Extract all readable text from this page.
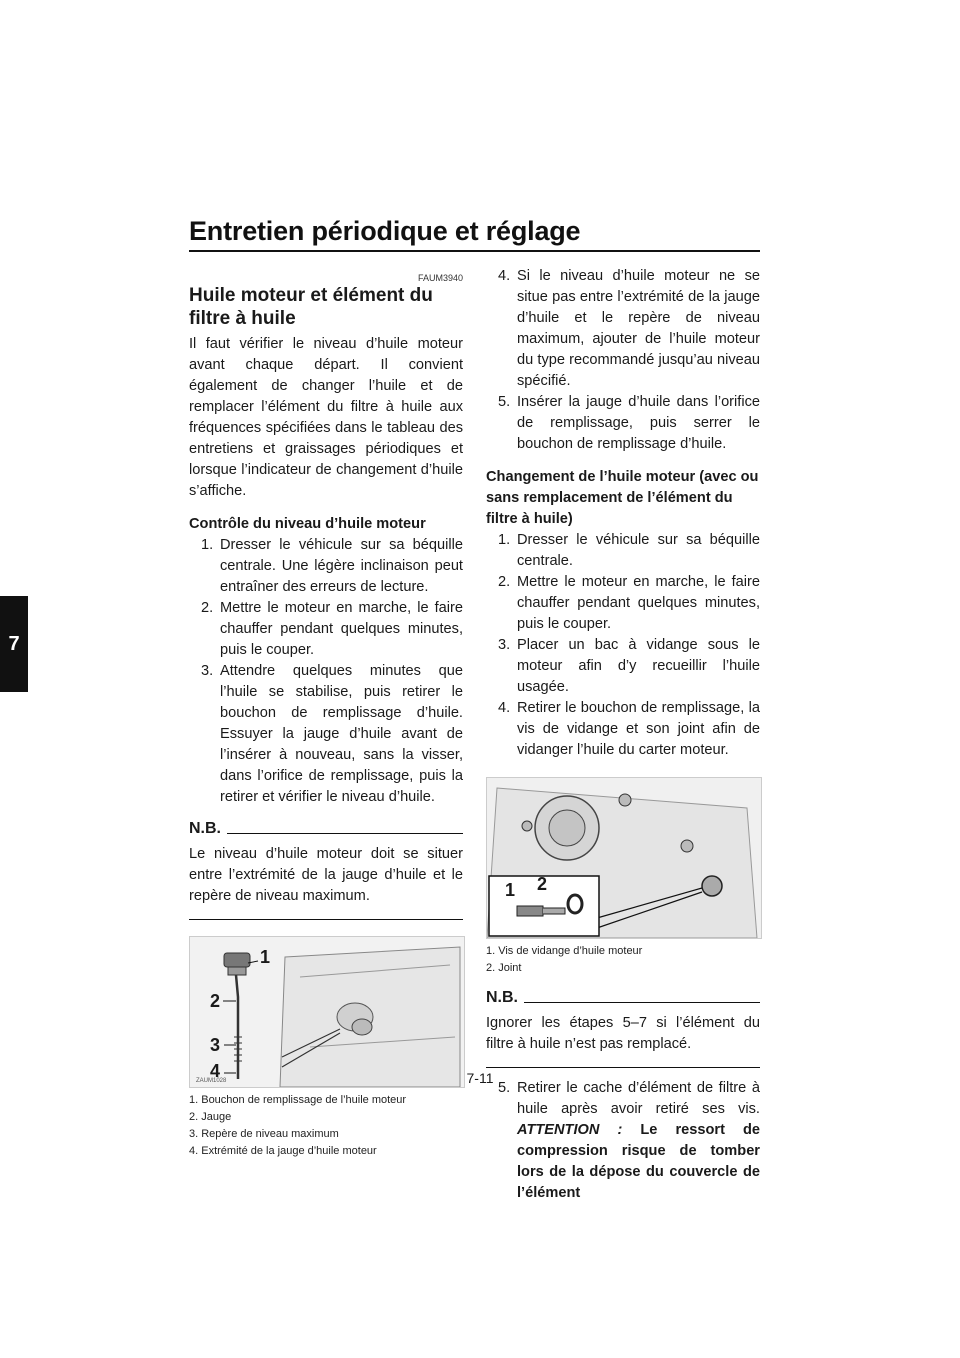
Entretien périodique et réglage
7
FAUM3940
Huile moteur et élément du filtre à huile

Il faut vérifier le niveau d’huile moteur avant chaque départ. Il convient également de changer l’huile et de remplacer l’élément du filtre à huile aux fréquences spécifiées dans le tableau des entretiens et graissages périodiques et lorsque l’indicateur de changement d’huile s’affiche.

Contrôle du niveau d’huile moteur
1. Dresser le véhicule sur sa béquille centrale. Une légère inclinaison peut entraîner des erreurs de lecture.
2. Mettre le moteur en marche, le faire chauffer pendant quelques minutes, puis le couper.
3. Attendre quelques minutes que l’huile se stabilise, puis retirer le bouchon de remplissage d’huile. Essuyer la jauge d’huile avant de l’insérer à nouveau, sans la visser, dans l’orifice de remplissage, puis la retirer et vérifier le niveau d’huile.
N.B.

Le niveau d’huile moteur doit se situer entre l’extrémité de la jauge d’huile et le repère de niveau maximum.

1
2
3
4
ZAUM1028
1. Bouchon de remplissage de l’huile moteur
2. Jauge
3. Repère de niveau maximum
4. Extrémité de la jauge d’huile moteur
4. Si le niveau d’huile moteur ne se situe pas entre l’extrémité de la jauge d’huile et le repère de niveau maximum, ajouter de l’huile moteur du type recommandé jusqu’au niveau spécifié.
5. Insérer la jauge d’huile dans l’orifice de remplissage, puis serrer le bouchon de remplissage d’huile.
Changement de l’huile moteur (avec ou sans remplacement de l’élément du filtre à huile)
1. Dresser le véhicule sur sa béquille centrale.
2. Mettre le moteur en marche, le faire chauffer pendant quelques minutes, puis le couper.
3. Placer un bac à vidange sous le moteur afin d’y recueillir l’huile usagée.
4. Retirer le bouchon de remplissage, la vis de vidange et son joint afin de vidanger l’huile du carter moteur.
1 2
1. Vis de vidange d’huile moteur
2. Joint
N.B.

Ignorer les étapes 5–7 si l’élément du filtre à huile n’est pas remplacé.

5. Retirer le cache d’élément de filtre à huile après avoir retiré ses vis. ATTENTION : Le ressort de compression risque de tomber lors de la dépose du couvercle de l’élément
7-11
